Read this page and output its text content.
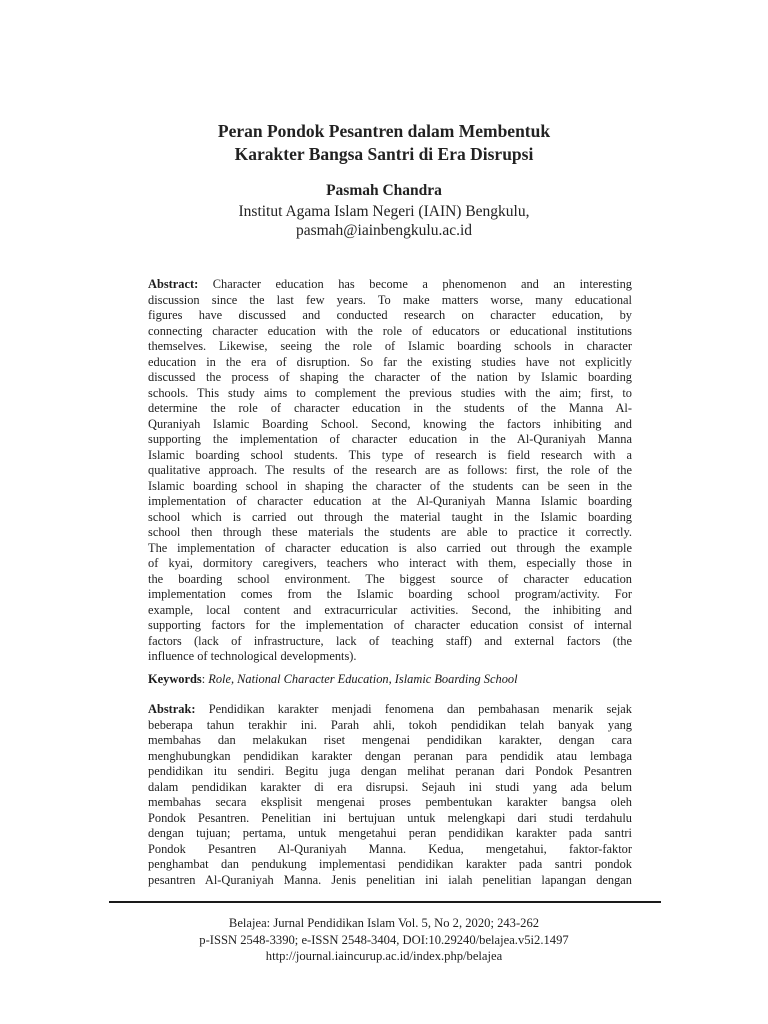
Peran Pondok Pesantren dalam Membentuk
Karakter Bangsa Santri di Era Disrupsi
Pasmah Chandra
Institut Agama Islam Negeri (IAIN) Bengkulu,
pasmah@iainbengkulu.ac.id
Abstract: Character education has become a phenomenon and an interesting
discussion since the last few years. To make matters worse, many educational
figures have discussed and conducted research on character education, by
connecting character education with the role of educators or educational institutions
themselves. Likewise, seeing the role of Islamic boarding schools in character
education in the era of disruption. So far the existing studies have not explicitly
discussed the process of shaping the character of the nation by Islamic boarding
schools. This study aims to complement the previous studies with the aim; first, to
determine the role of character education in the students of the Manna Al-
Quraniyah Islamic Boarding School. Second, knowing the factors inhibiting and
supporting the implementation of character education in the Al-Quraniyah Manna
Islamic boarding school students. This type of research is field research with a
qualitative approach. The results of the research are as follows: first, the role of the
Islamic boarding school in shaping the character of the students can be seen in the
implementation of character education at the Al-Quraniyah Manna Islamic boarding
school which is carried out through the material taught in the Islamic boarding
school then through these materials the students are able to practice it correctly.
The implementation of character education is also carried out through the example
of kyai, dormitory caregivers, teachers who interact with them, especially those in
the boarding school environment. The biggest source of character education
implementation comes from the Islamic boarding school program/activity. For
example, local content and extracurricular activities. Second, the inhibiting and
supporting factors for the implementation of character education consist of internal
factors (lack of infrastructure, lack of teaching staff) and external factors (the
influence of technological developments).
Keywords: Role, National Character Education, Islamic Boarding School
Abstrak: Pendidikan karakter menjadi fenomena dan pembahasan menarik sejak
beberapa tahun terakhir ini. Parah ahli, tokoh pendidikan telah banyak yang
membahas dan melakukan riset mengenai pendidikan karakter, dengan cara
menghubungkan pendidikan karakter dengan peranan para pendidik atau lembaga
pendidikan itu sendiri. Begitu juga dengan melihat peranan dari Pondok Pesantren
dalam pendidikan karakter di era disrupsi. Sejauh ini studi yang ada belum
membahas secara eksplisit mengenai proses pembentukan karakter bangsa oleh
Pondok Pesantren. Penelitian ini bertujuan untuk melengkapi dari studi terdahulu
dengan tujuan; pertama, untuk mengetahui peran pendidikan karakter pada santri
Pondok Pesantren Al-Quraniyah Manna. Kedua, mengetahui, faktor-faktor
penghambat dan pendukung implementasi pendidikan karakter pada santri pondok
pesantren Al-Quraniyah Manna. Jenis penelitian ini ialah penelitian lapangan dengan
Belajea: Jurnal Pendidikan Islam Vol. 5, No 2, 2020; 243-262
p-ISSN 2548-3390; e-ISSN 2548-3404, DOI:10.29240/belajea.v5i2.1497
http://journal.iaincurup.ac.id/index.php/belajea
